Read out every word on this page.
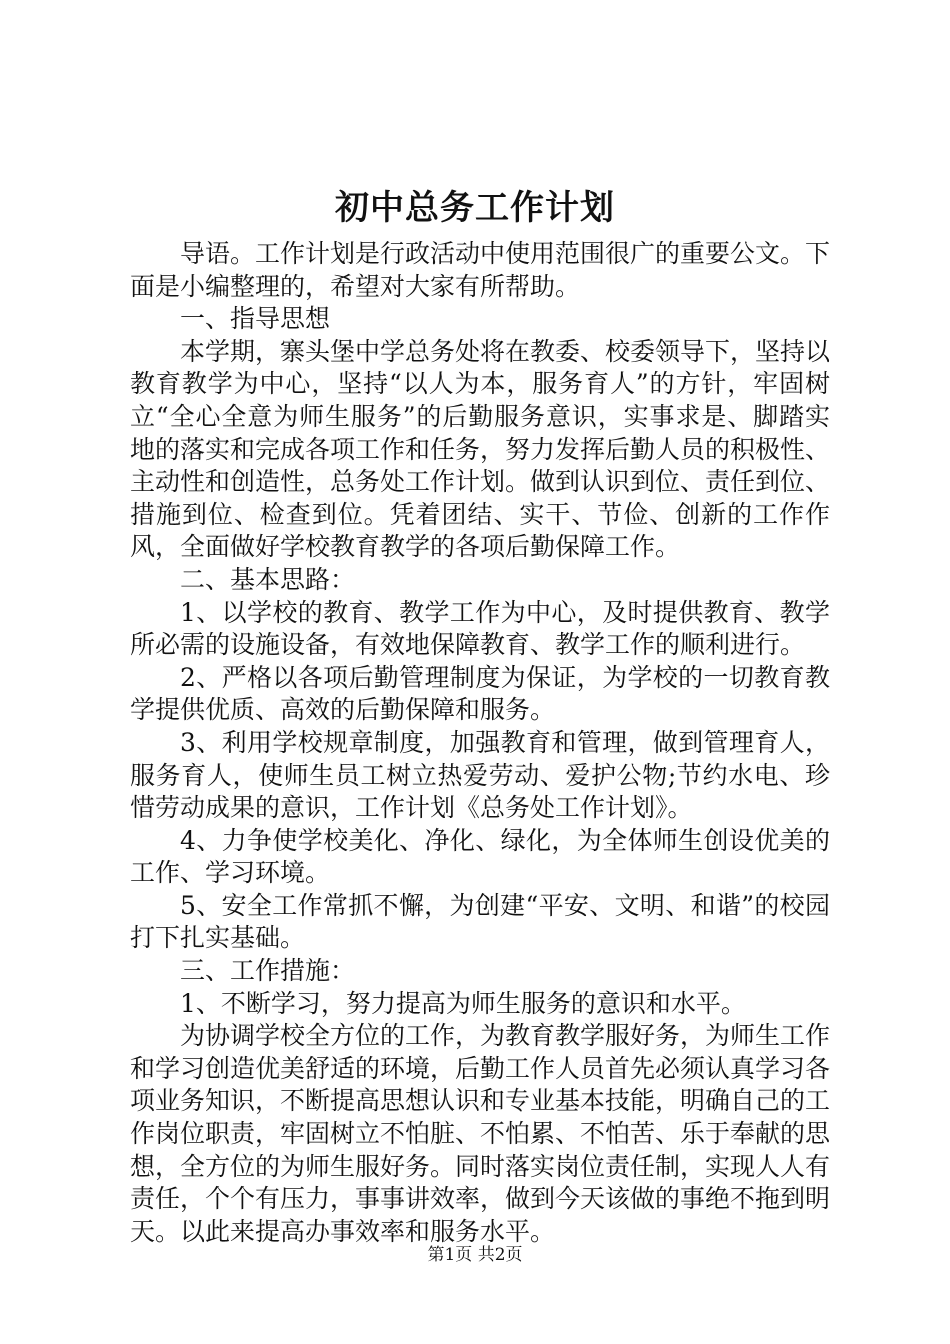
初中总务工作计划

导语。工作计划是行政活动中使用范围很广的重要公文。下面是小编整理的，希望对大家有所帮助。

一、指导思想

本学期，寨头堡中学总务处将在教委、校委领导下，坚持以教育教学为中心，坚持“以人为本，服务育人”的方针，牢固树立“全心全意为师生服务”的后勤服务意识，实事求是、脚踏实地的落实和完成各项工作和任务，努力发挥后勤人员的积极性、主动性和创造性，总务处工作计划。做到认识到位、责任到位、措施到位、检查到位。凭着团结、实干、节俭、创新的工作作风，全面做好学校教育教学的各项后勤保障工作。

二、基本思路：

1、以学校的教育、教学工作为中心，及时提供教育、教学所必需的设施设备，有效地保障教育、教学工作的顺利进行。

2、严格以各项后勤管理制度为保证，为学校的一切教育教学提供优质、高效的后勤保障和服务。

3、利用学校规章制度，加强教育和管理，做到管理育人，服务育人，使师生员工树立热爱劳动、爱护公物;节约水电、珍惜劳动成果的意识，工作计划《总务处工作计划》。

4、力争使学校美化、净化、绿化，为全体师生创设优美的工作、学习环境。

5、安全工作常抓不懈，为创建“平安、文明、和谐”的校园打下扎实基础。

三、工作措施：

1、不断学习，努力提高为师生服务的意识和水平。

为协调学校全方位的工作，为教育教学服好务，为师生工作和学习创造优美舒适的环境，后勤工作人员首先必须认真学习各项业务知识，不断提高思想认识和专业基本技能，明确自己的工作岗位职责，牢固树立不怕脏、不怕累、不怕苦、乐于奉献的思想，全方位的为师生服好务。同时落实岗位责任制，实现人人有责任，个个有压力，事事讲效率，做到今天该做的事绝不拖到明天。以此来提高办事效率和服务水平。

第1页 共2页
